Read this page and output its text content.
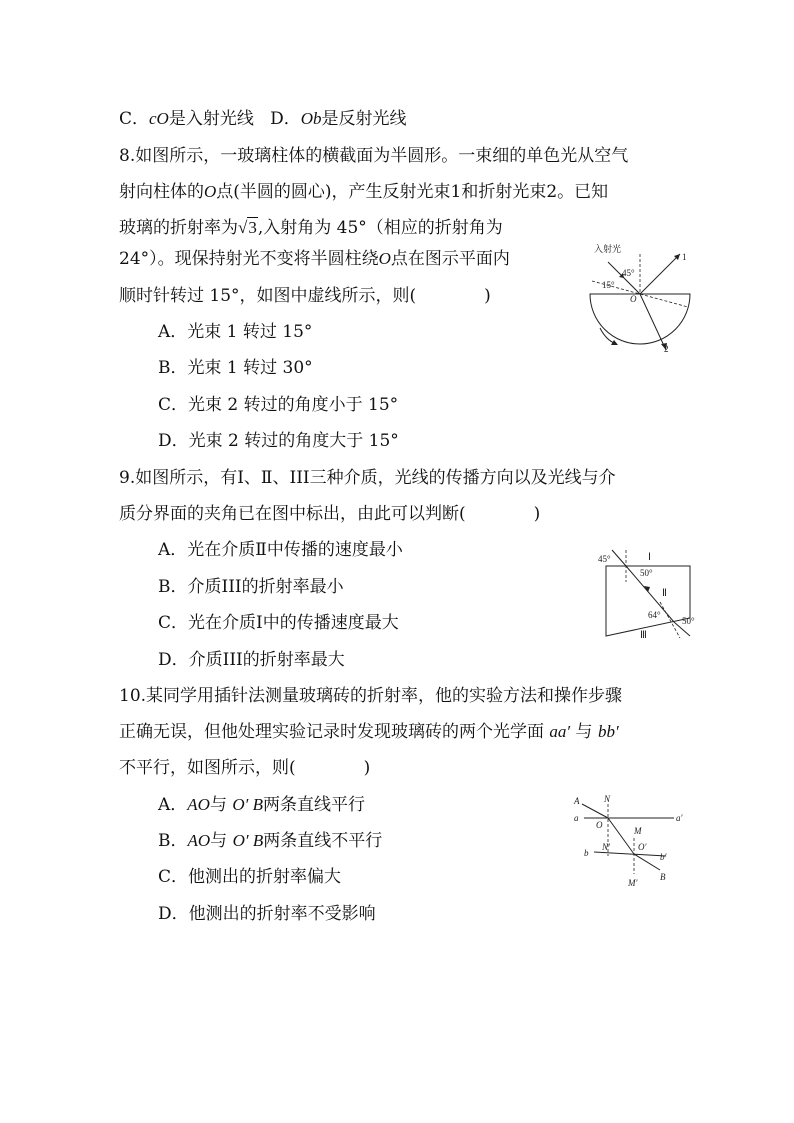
C．cO是入射光线 D．Ob是反射光线
8.如图所示，一玻璃柱体的横截面为半圆形。一束细的单色光从空气
射向柱体的O点(半圆的圆心)，产生反射光束1和折射光束2。已知
玻璃的折射率为√3,入射角为 45°（相应的折射角为
24°）。现保持射光不变将半圆柱绕O点在图示平面内
顺时针转过 15°，如图中虚线所示，则(　　　　)
A．光束 1 转过 15°
B．光束 1 转过 30°
C．光束 2 转过的角度小于 15°
D．光束 2 转过的角度大于 15°
入射光
45°
15°
O
1
2
9.如图所示，有Ⅰ、Ⅱ、III三种介质，光线的传播方向以及光线与介
质分界面的夹角已在图中标出，由此可以判断(　　　　)
A．光在介质Ⅱ中传播的速度最小
B．介质III的折射率最小
C．光在介质Ⅰ中的传播速度最大
D．介质III的折射率最大
45°
50°
64°
50°
Ⅰ
Ⅱ
Ⅲ
10.某同学用插针法测量玻璃砖的折射率，他的实验方法和操作步骤
正确无误，但他处理实验记录时发现玻璃砖的两个光学面 aa′ 与 bb′
不平行，如图所示，则(　　　　)
A．AO与 O′ B两条直线平行
B．AO与 O′ B两条直线不平行
C．他测出的折射率偏大
D．他测出的折射率不受影响
A	N
a	a′
O
M
N′	O′
b	b′
M′
B
